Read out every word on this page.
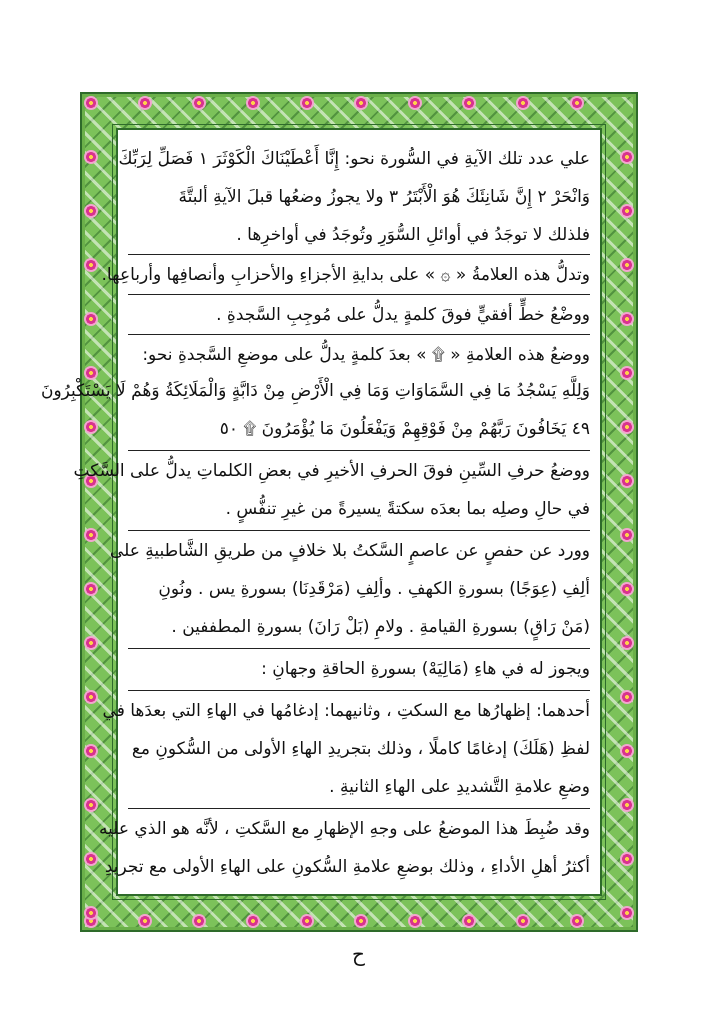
علي عدد تلك الآيةِ في السُّورة نحو: إِنَّا أَعْطَيْنَاكَ الْكَوْثَرَ ١ فَصَلِّ لِرَبِّكَ
وَانْحَرْ ٢ إِنَّ شَانِئَكَ هُوَ الْأَبْتَرُ ٣ ولا يجوزُ وضعُها قبلَ الآيةِ ألبتَّةَ
فلذلك لا توجَدُ في أوائلِ السُّوَرِ وتُوجَدُ في أواخرِها .
وتدلُّ هذه العلامةُ « ۞ » على بدايةِ الأجزاءِ والأحزابِ وأنصافِها وأرباعِها.
ووضْعُ خطٍّ أفقيٍّ فوقَ كلمةٍ يدلُّ على مُوجِبِ السَّجدةِ .
ووضعُ هذه العلامةِ « ۩ » بعدَ كلمةٍ يدلُّ على موضعِ السَّجدةِ نحو:
وَلِلَّهِ يَسْجُدُ مَا فِي السَّمَاوَاتِ وَمَا فِي الْأَرْضِ مِنْ دَابَّةٍ وَالْمَلَائِكَةُ وَهُمْ لَا يَسْتَكْبِرُونَ
٤٩ يَخَافُونَ رَبَّهُمْ مِنْ فَوْقِهِمْ وَيَفْعَلُونَ مَا يُؤْمَرُونَ ۩ ٥٠
ووضعُ حرفِ السِّينِ فوقَ الحرفِ الأخيرِ في بعضِ الكلماتِ يدلُّ على السَّكتِ
في حالِ وصلِه بما بعدَه سكتةً يسيرةً من غيرِ تنفُّسٍ .
وورد عن حفصٍ عن عاصمٍ السَّكتُ بلا خلافٍ من طريقِ الشَّاطبيةِ على
ألِفِ (عِوَجًا) بسورةِ الكهفِ . وألِفِ (مَرْقَدِنَا) بسورةِ يس . ونُونِ
(مَنْ رَاقٍ) بسورةِ القيامةِ . ولامِ (بَلْ رَانَ) بسورةِ المطففين .
ويجوز له في هاءِ (مَالِيَهْ) بسورةِ الحاقةِ وجهانِ :
أحدهما: إظهارُها مع السكتِ ، وثانيهما: إدغامُها في الهاءِ التي بعدَها في
لفظِ (هَلَكَ) إدغامًا كاملًا ، وذلك بتجريدِ الهاءِ الأولى من السُّكونِ مع
وضعِ علامةِ التَّشديدِ على الهاءِ الثانيةِ .
وقد ضُبِطَ هذا الموضعُ على وجهِ الإظهارِ مع السَّكتِ ، لأنَّه هو الذي عليه
أكثرُ أهلِ الأداءِ ، وذلك بوضعِ علامةِ السُّكونِ على الهاءِ الأولى مع تجريدِ
ح
